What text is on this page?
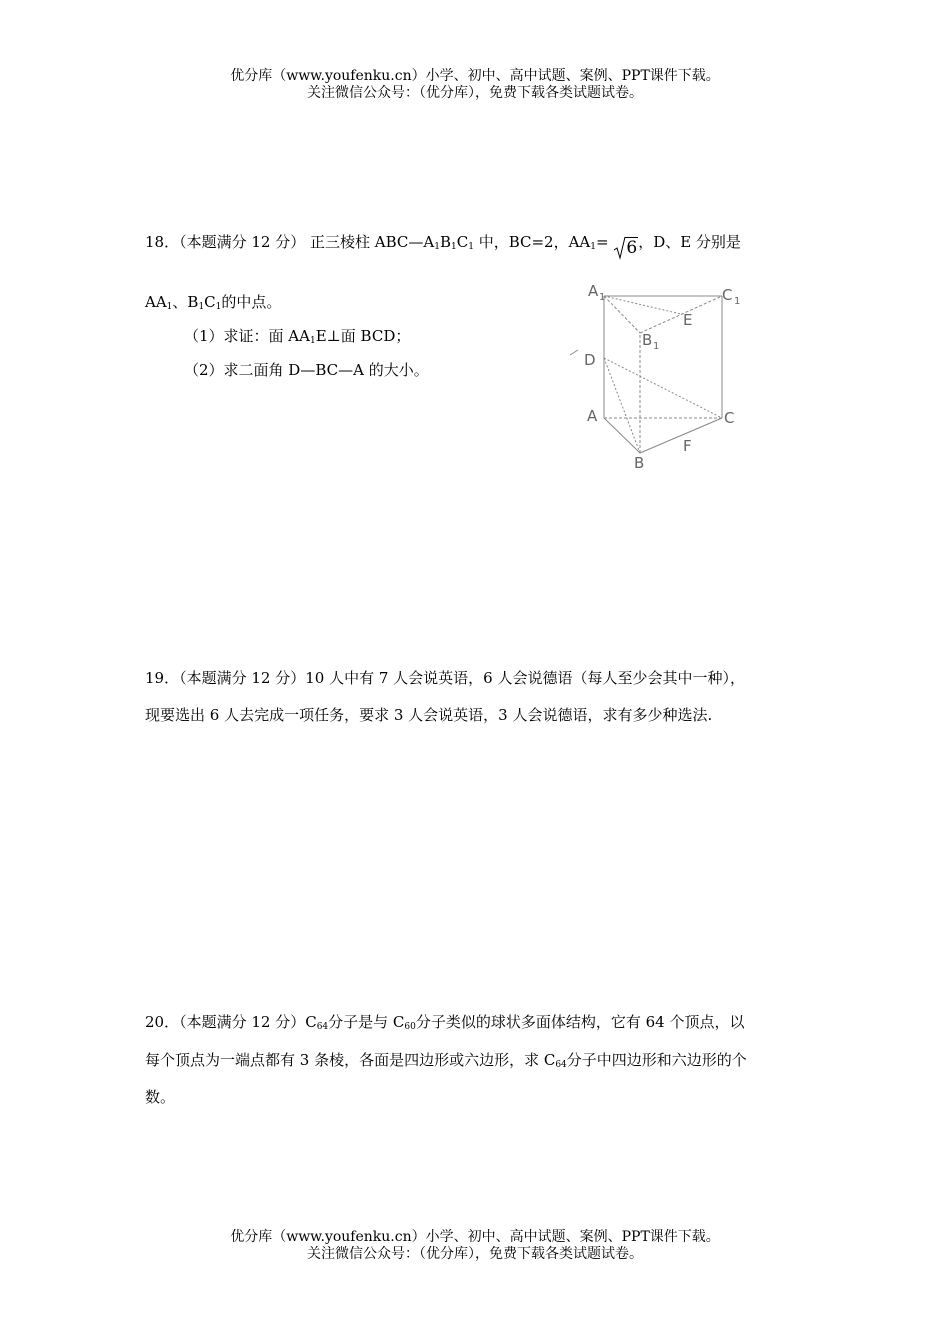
优分库（www.youfenku.cn）小学、初中、高中试题、案例、PPT课件下载。
关注微信公众号：（优分库），免费下载各类试题试卷。
18．（本题满分 12 分） 正三棱柱 $ABC—A_1B_1C_1$ 中，BC=2，$AA_1= 6$，D、E 分别是
$AA_1$、$B_1C_1$的中点。
（1）求证：面 $AA_1E\perp$面 BCD；
（2）求二面角 D—BC—A 的大小。
A 1	C 1
E
B 1
D
A	C
F
B
19．（本题满分 12 分）10 人中有 7 人会说英语，6 人会说德语（每人至少会其中一种），
现要选出 6 人去完成一项任务，要求 3 人会说英语，3 人会说德语，求有多少种选法.
20．（本题满分 12 分）$C_{64}$分子是与 $C_{60}$分子类似的球状多面体结构，它有 64 个顶点，以
每个顶点为一端点都有 3 条棱，各面是四边形或六边形，求 $C_{64}$分子中四边形和六边形的个
数。
优分库（www.youfenku.cn）小学、初中、高中试题、案例、PPT课件下载。
关注微信公众号：（优分库），免费下载各类试题试卷。
